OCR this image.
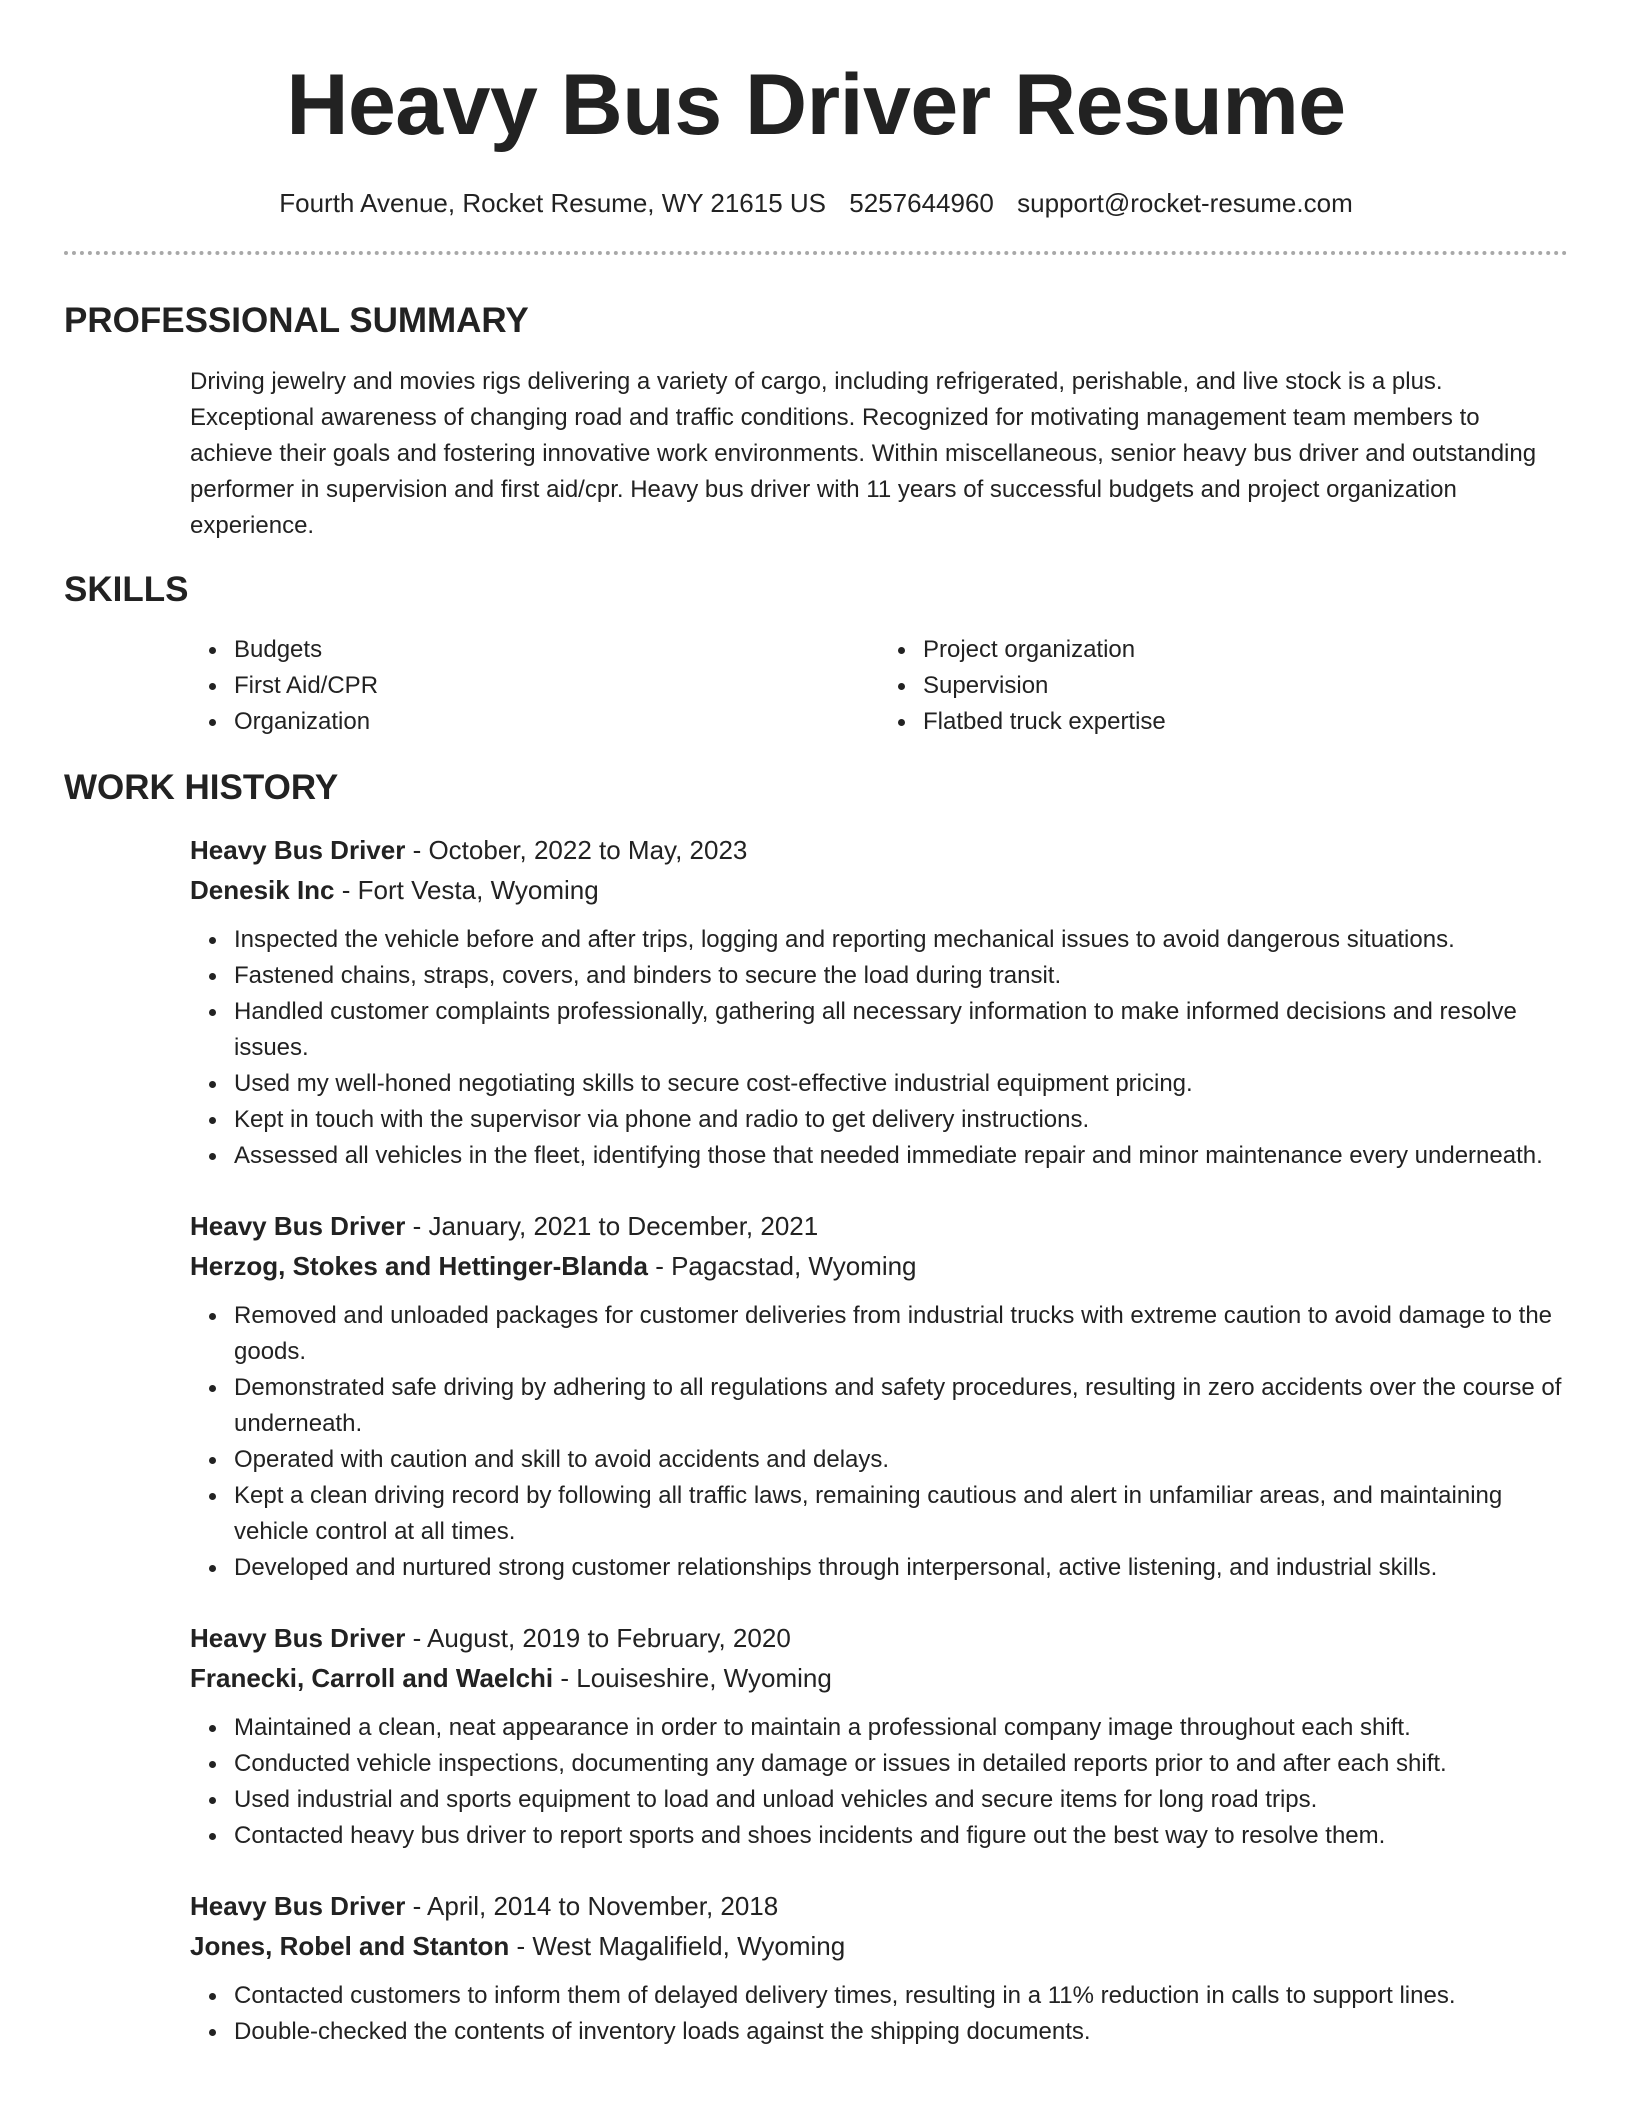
Heavy Bus Driver Resume
Fourth Avenue, Rocket Resume, WY 21615 US 5257644960 support@rocket-resume.com
PROFESSIONAL SUMMARY

Driving jewelry and movies rigs delivering a variety of cargo, including refrigerated, perishable, and live stock is a plus. Exceptional awareness of changing road and traffic conditions. Recognized for motivating management team members to achieve their goals and fostering innovative work environments. Within miscellaneous, senior heavy bus driver and outstanding performer in supervision and first aid/cpr. Heavy bus driver with 11 years of successful budgets and project organization experience.

SKILLS
Budgets
First Aid/CPR
Organization
Project organization
Supervision
Flatbed truck expertise
WORK HISTORY
Heavy Bus Driver - October, 2022 to May, 2023
Denesik Inc - Fort Vesta, Wyoming
Inspected the vehicle before and after trips, logging and reporting mechanical issues to avoid dangerous situations.
Fastened chains, straps, covers, and binders to secure the load during transit.
Handled customer complaints professionally, gathering all necessary information to make informed decisions and resolve issues.
Used my well-honed negotiating skills to secure cost-effective industrial equipment pricing.
Kept in touch with the supervisor via phone and radio to get delivery instructions.
Assessed all vehicles in the fleet, identifying those that needed immediate repair and minor maintenance every underneath.
Heavy Bus Driver - January, 2021 to December, 2021
Herzog, Stokes and Hettinger-Blanda - Pagacstad, Wyoming
Removed and unloaded packages for customer deliveries from industrial trucks with extreme caution to avoid damage to the goods.
Demonstrated safe driving by adhering to all regulations and safety procedures, resulting in zero accidents over the course of underneath.
Operated with caution and skill to avoid accidents and delays.
Kept a clean driving record by following all traffic laws, remaining cautious and alert in unfamiliar areas, and maintaining vehicle control at all times.
Developed and nurtured strong customer relationships through interpersonal, active listening, and industrial skills.
Heavy Bus Driver - August, 2019 to February, 2020
Franecki, Carroll and Waelchi - Louiseshire, Wyoming
Maintained a clean, neat appearance in order to maintain a professional company image throughout each shift.
Conducted vehicle inspections, documenting any damage or issues in detailed reports prior to and after each shift.
Used industrial and sports equipment to load and unload vehicles and secure items for long road trips.
Contacted heavy bus driver to report sports and shoes incidents and figure out the best way to resolve them.
Heavy Bus Driver - April, 2014 to November, 2018
Jones, Robel and Stanton - West Magalifield, Wyoming
Contacted customers to inform them of delayed delivery times, resulting in a 11% reduction in calls to support lines.
Double-checked the contents of inventory loads against the shipping documents.
